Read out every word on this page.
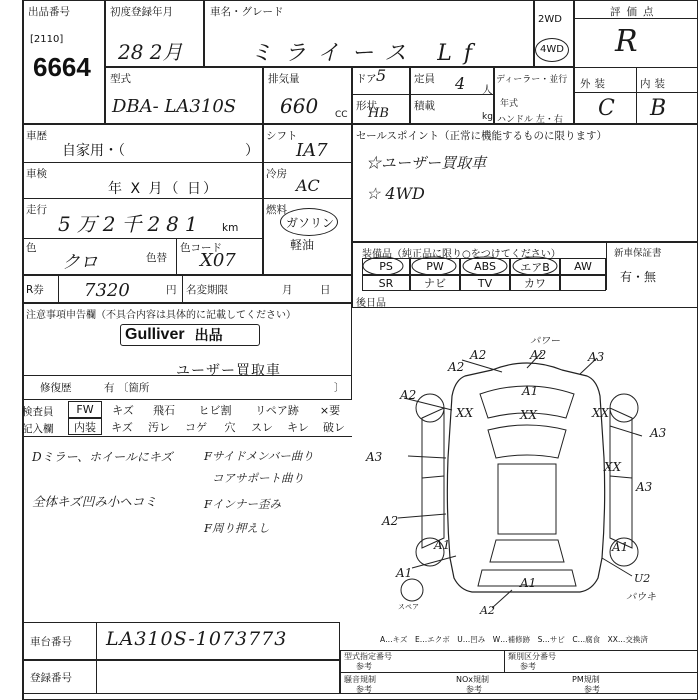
出品番号
[2110]
6664
初度登録年月
28 2月
車名・グレード
ミライース Lf
2WD
4WD
評価点
R
型式
DBA- LA310S
排気量
660 CC
ドア 5
形状
HB
定員 4 人
積載
kg
ディーラー・並行
年式
ハンドル 左・右
外装	内装
C B
車歴
自家用・（	）
車検
年 X 月（ 日）
走行
5万2千281 km
色
クロ	色替
色コード
X07
シフト
IA7
冷房
AC
燃料
ガソリン
軽油
セールスポイント（正常に機能するものに限ります）
☆ユーザー買取車
☆ 4WD
装備品（純正品に限り○をつけてください）	新車保証書
有・無
PS	PW	ABS	エアB	AW
SR	ナビ	TV	カワ
後日品
R券 7320	円 名変期限	月	日
注意事項申告欄（不具合内容は具体的に記載してください）
Gulliver 出品
ユーザー買取車
修復歴	有 〔箇所	〕
検査員
記入欄
FW	キズ	飛石	ヒビ割	リペア跡	×要
内装	キズ	汚レ	コゲ	穴	スレ	キレ	破レ
Dミラー、ホイールにキズ
全体キズ凹み小ヘコミ
Fサイドメンバー曲り
コアサポート曲り
Fインナー歪み
F周り押えし
パワー
A2	A2	A3
A2
A2	A1
XX	XX	XX
A3
XX
A3
A3
A2
A1	U2
A1
A1	A1
A2
パウキ
スペア
A…キズ　E…エクボ　U…凹み　W…補修跡　S…サビ　C…腐食　XX…交換済
車台番号 LA310S-1073773
登録番号
型式指定番号
参考
類別区分番号
参考
騒音規制	NOx規制	PM規制
参考	参考	参考
